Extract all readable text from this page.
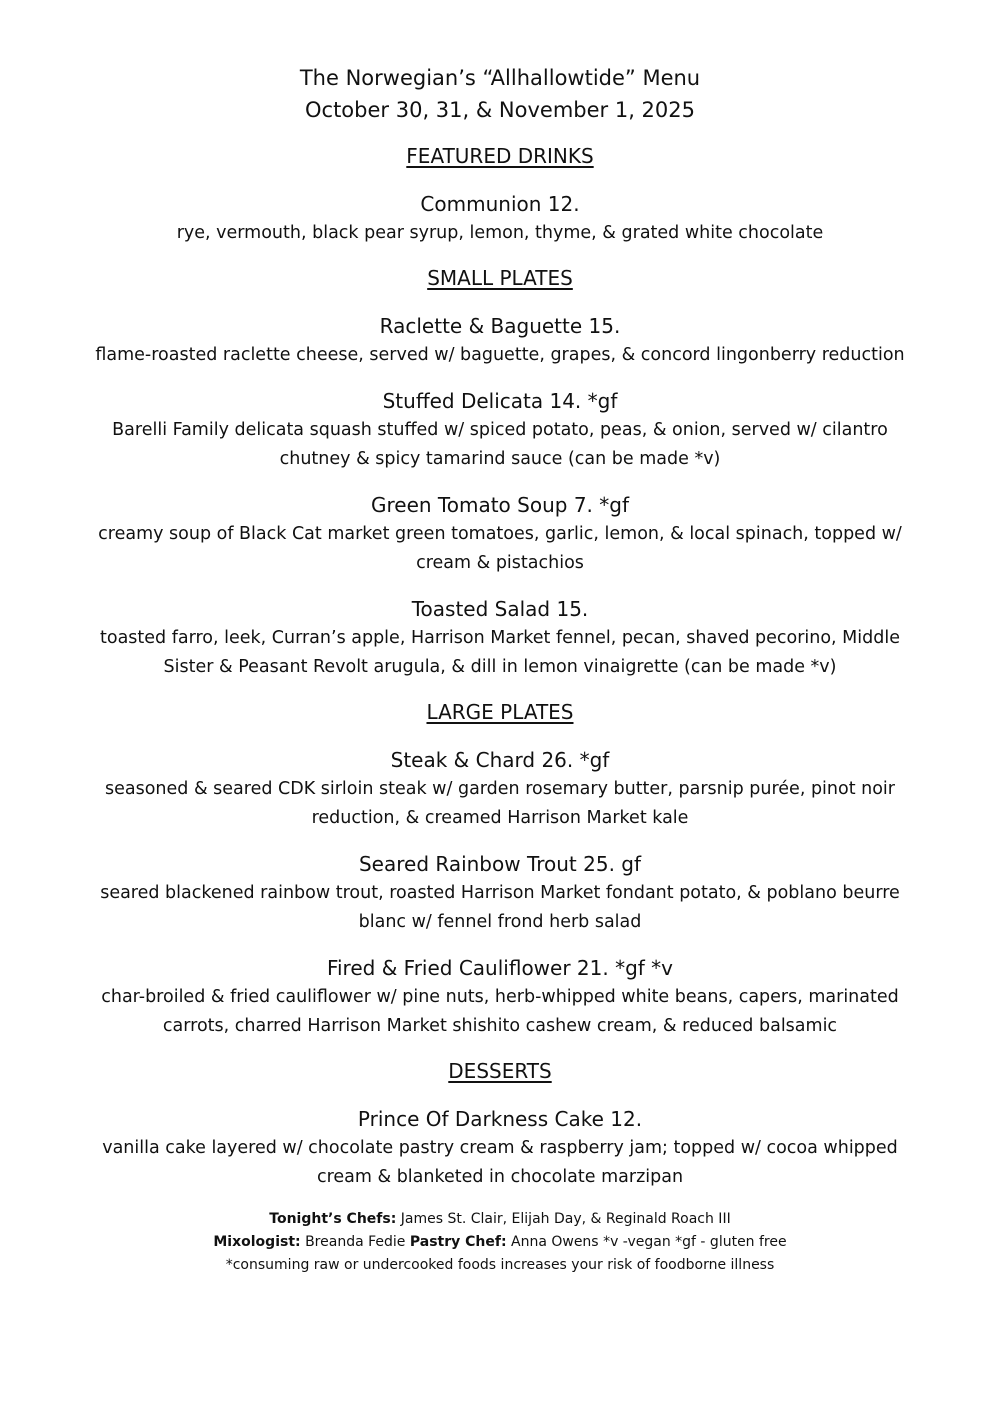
The Norwegian’s “Allhallowtide” Menu

October 30, 31, & November 1, 2025

FEATURED DRINKS

Communion 12.

rye, vermouth, black pear syrup, lemon, thyme, & grated white chocolate

SMALL PLATES

Raclette & Baguette 15.

flame-roasted raclette cheese, served w/ baguette, grapes, & concord lingonberry reduction

Stuffed Delicata 14. *gf

Barelli Family delicata squash stuffed w/ spiced potato, peas, & onion, served w/ cilantro chutney & spicy tamarind sauce (can be made *v)

Green Tomato Soup 7. *gf

creamy soup of Black Cat market green tomatoes, garlic, lemon, & local spinach, topped w/ cream & pistachios

Toasted Salad 15.

toasted farro, leek, Curran’s apple, Harrison Market fennel, pecan, shaved pecorino, Middle Sister & Peasant Revolt arugula, & dill in lemon vinaigrette (can be made *v)

LARGE PLATES

Steak & Chard 26. *gf

seasoned & seared CDK sirloin steak w/ garden rosemary butter, parsnip purée, pinot noir reduction, & creamed Harrison Market kale

Seared Rainbow Trout 25. gf

seared blackened rainbow trout, roasted Harrison Market fondant potato, & poblano beurre blanc w/ fennel frond herb salad

Fired & Fried Cauliflower 21. *gf *v

char-broiled & fried cauliflower w/ pine nuts, herb-whipped white beans, capers, marinated carrots, charred Harrison Market shishito cashew cream, & reduced balsamic

DESSERTS

Prince Of Darkness Cake 12.

vanilla cake layered w/ chocolate pastry cream & raspberry jam; topped w/ cocoa whipped cream & blanketed in chocolate marzipan

Tonight’s Chefs: James St. Clair, Elijah Day, & Reginald Roach III
Mixologist: Breanda Fedie Pastry Chef: Anna Owens *v -vegan *gf - gluten free
*consuming raw or undercooked foods increases your risk of foodborne illness
